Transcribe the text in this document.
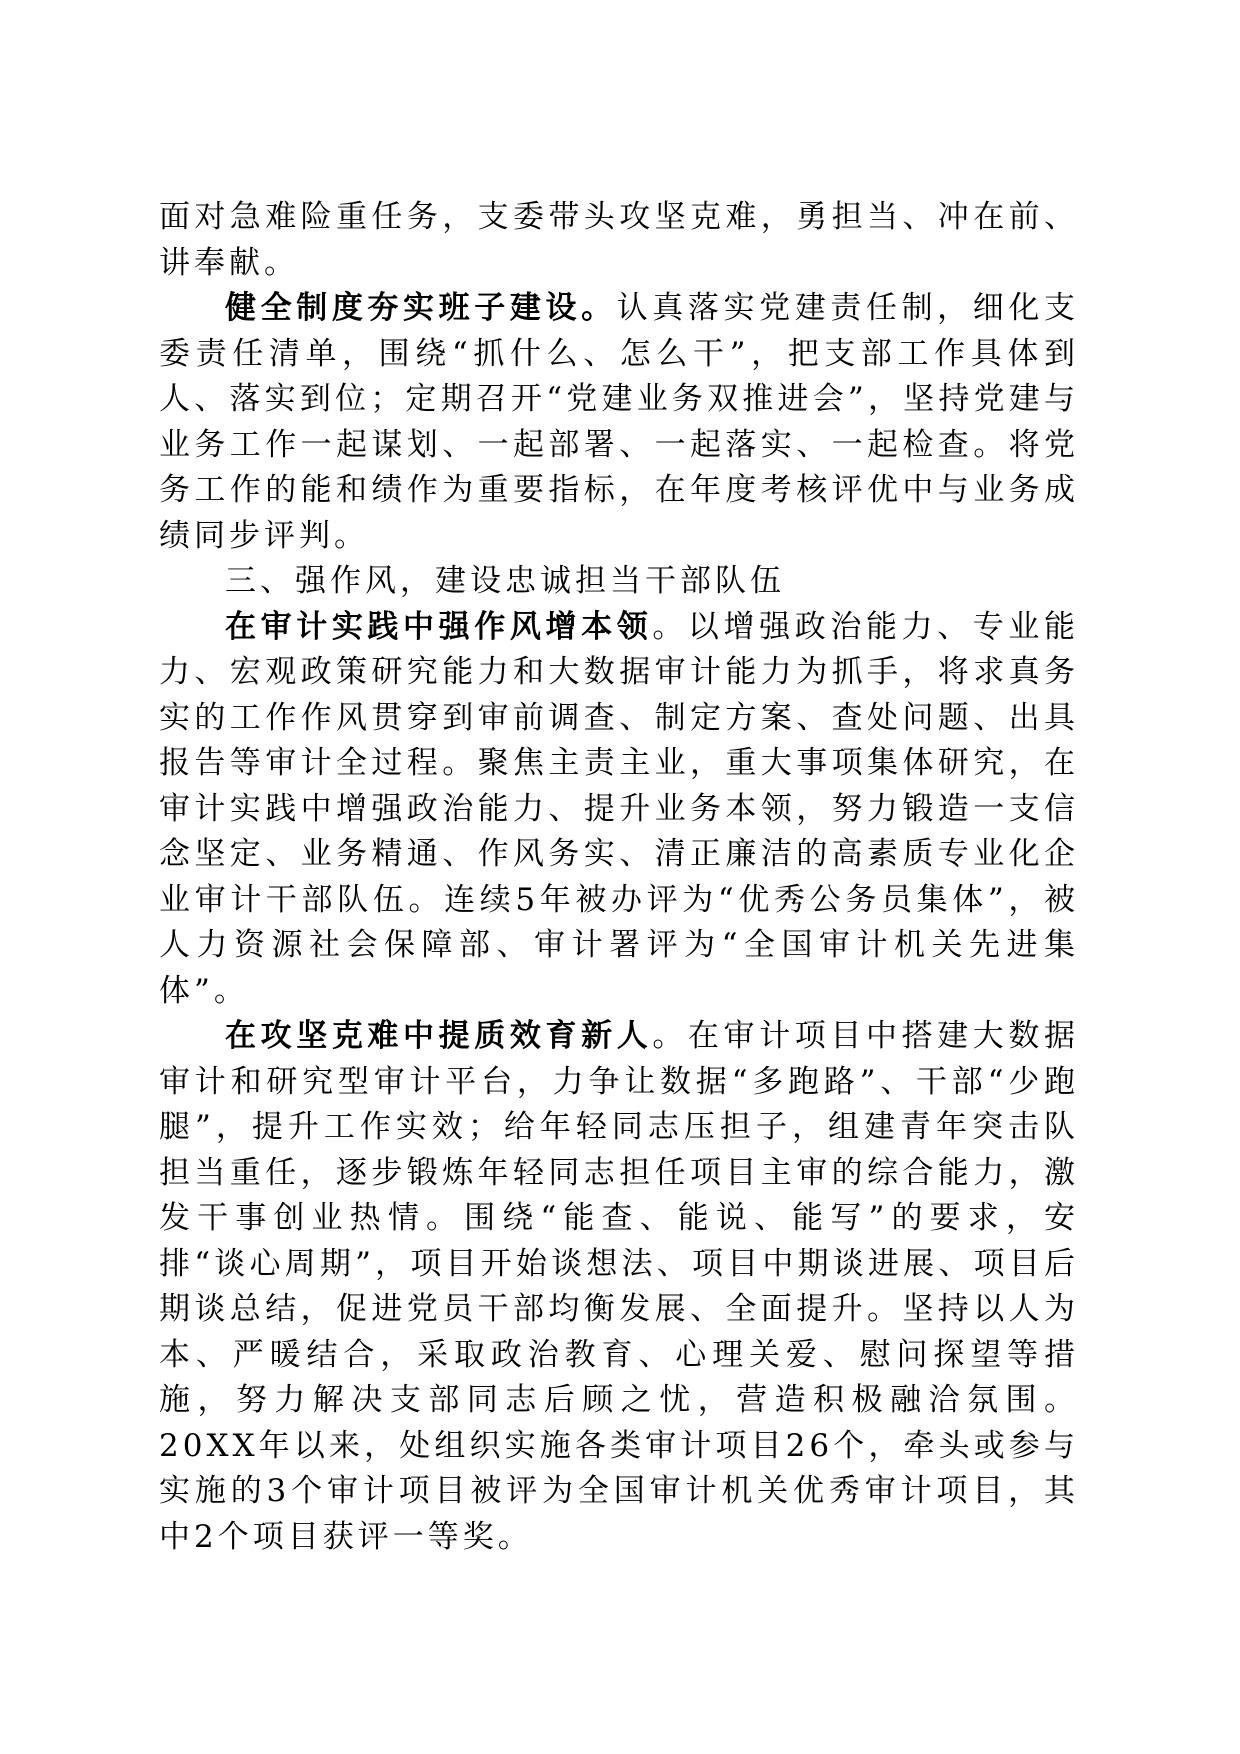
面对急难险重任务，支委带头攻坚克难，勇担当、冲在前、讲奉献。

健全制度夯实班子建设。认真落实党建责任制，细化支委责任清单，围绕“抓什么、怎么干”，把支部工作具体到人、落实到位；定期召开“党建业务双推进会”，坚持党建与业务工作一起谋划、一起部署、一起落实、一起检查。将党务工作的能和绩作为重要指标，在年度考核评优中与业务成绩同步评判。

三、强作风，建设忠诚担当干部队伍

在审计实践中强作风增本领。以增强政治能力、专业能力、宏观政策研究能力和大数据审计能力为抓手，将求真务实的工作作风贯穿到审前调查、制定方案、查处问题、出具报告等审计全过程。聚焦主责主业，重大事项集体研究，在审计实践中增强政治能力、提升业务本领，努力锻造一支信念坚定、业务精通、作风务实、清正廉洁的高素质专业化企业审计干部队伍。连续5年被办评为“优秀公务员集体”，被人力资源社会保障部、审计署评为“全国审计机关先进集体”。

在攻坚克难中提质效育新人。在审计项目中搭建大数据审计和研究型审计平台，力争让数据“多跑路”、干部“少跑腿”，提升工作实效；给年轻同志压担子，组建青年突击队担当重任，逐步锻炼年轻同志担任项目主审的综合能力，激发干事创业热情。围绕“能查、能说、能写”的要求，安排“谈心周期”，项目开始谈想法、项目中期谈进展、项目后期谈总结，促进党员干部均衡发展、全面提升。坚持以人为本、严暖结合，采取政治教育、心理关爱、慰问探望等措施，努力解决支部同志后顾之忧，营造积极融洽氛围。20XX年以来，处组织实施各类审计项目26个，牵头或参与实施的3个审计项目被评为全国审计机关优秀审计项目，其中2个项目获评一等奖。
